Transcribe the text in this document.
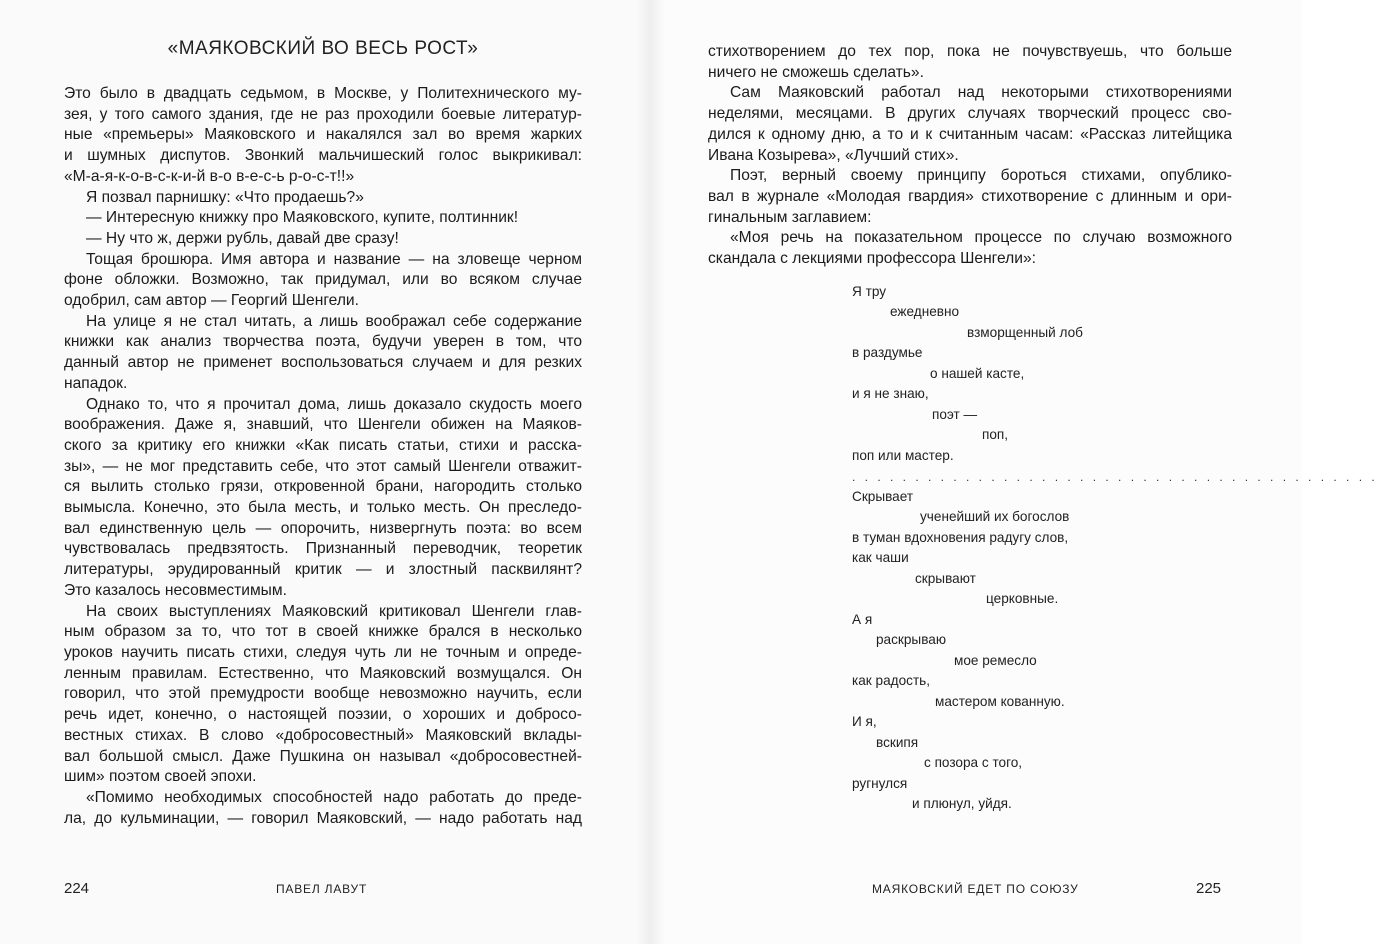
«МАЯКОВСКИЙ ВО ВЕСЬ РОСТ»
Это было в двадцать седьмом, в Москве, у Политехнического му-
зея, у того самого здания, где не раз проходили боевые литератур-
ные «премьеры» Маяковского и накалялся зал во время жарких
и шумных диспутов. Звонкий мальчишеский голос выкрикивал:
«М-а-я-к-о-в-с-к-и-й в-о в-е-с-ь р-о-с-т!!»
Я позвал парнишку: «Что продаешь?»
— Интересную книжку про Маяковского, купите, полтинник!
— Ну что ж, держи рубль, давай две сразу!
Тощая брошюра. Имя автора и название — на зловеще черном
фоне обложки. Возможно, так придумал, или во всяком случае
одобрил, сам автор — Георгий Шенгели.
На улице я не стал читать, а лишь воображал себе содержание
книжки как анализ творчества поэта, будучи уверен в том, что
данный автор не применет воспользоваться случаем и для резких
нападок.
Однако то, что я прочитал дома, лишь доказало скудость моего
воображения. Даже я, знавший, что Шенгели обижен на Маяков-
ского за критику его книжки «Как писать статьи, стихи и расска-
зы», — не мог представить себе, что этот самый Шенгели отважит-
ся вылить столько грязи, откровенной брани, нагородить столько
вымысла. Конечно, это была месть, и только месть. Он преследо-
вал единственную цель — опорочить, низвергнуть поэта: во всем
чувствовалась предвзятость. Признанный переводчик, теоретик
литературы, эрудированный критик — и злостный пасквилянт?
Это казалось несовместимым.
На своих выступлениях Маяковский критиковал Шенгели глав-
ным образом за то, что тот в своей книжке брался в несколько
уроков научить писать стихи, следуя чуть ли не точным и опреде-
ленным правилам. Естественно, что Маяковский возмущался. Он
говорил, что этой премудрости вообще невозможно научить, если
речь идет, конечно, о настоящей поэзии, о хороших и добросо-
вестных стихах. В слово «добросовестный» Маяковский вклады-
вал большой смысл. Даже Пушкина он называл «добросовестней-
шим» поэтом своей эпохи.
«Помимо необходимых способностей надо работать до преде-
ла, до кульминации, — говорил Маяковский, — надо работать над
224	ПАВЕЛ ЛАВУТ
стихотворением до тех пор, пока не почувствуешь, что больше
ничего не сможешь сделать».
Сам Маяковский работал над некоторыми стихотворениями
неделями, месяцами. В других случаях творческий процесс сво-
дился к одному дню, а то и к считанным часам: «Рассказ литейщика
Ивана Козырева», «Лучший стих».
Поэт, верный своему принципу бороться стихами, опублико-
вал в журнале «Молодая гвардия» стихотворение с длинным и ори-
гинальным заглавием:
«Моя речь на показательном процессе по случаю возможного
скандала с лекциями профессора Шенгели»:
Я тру
ежедневно
взморщенный лоб
в раздумье
о нашей касте,
и я не знаю,
поэт —
поп,
поп или мастер.
. . . . . . . . . . . . . . . . . . . . . . . . . . . . . . . . . . . . . . . . . .
Скрывает
ученейший их богослов
в туман вдохновения радугу слов,
как чаши
скрывают
церковные.
А я
раскрываю
мое ремесло
как радость,
мастером кованную.
И я,
вскипя
с позора с того,
ругнулся
и плюнул, уйдя.
МАЯКОВСКИЙ ЕДЕТ ПО СОЮЗУ	225
